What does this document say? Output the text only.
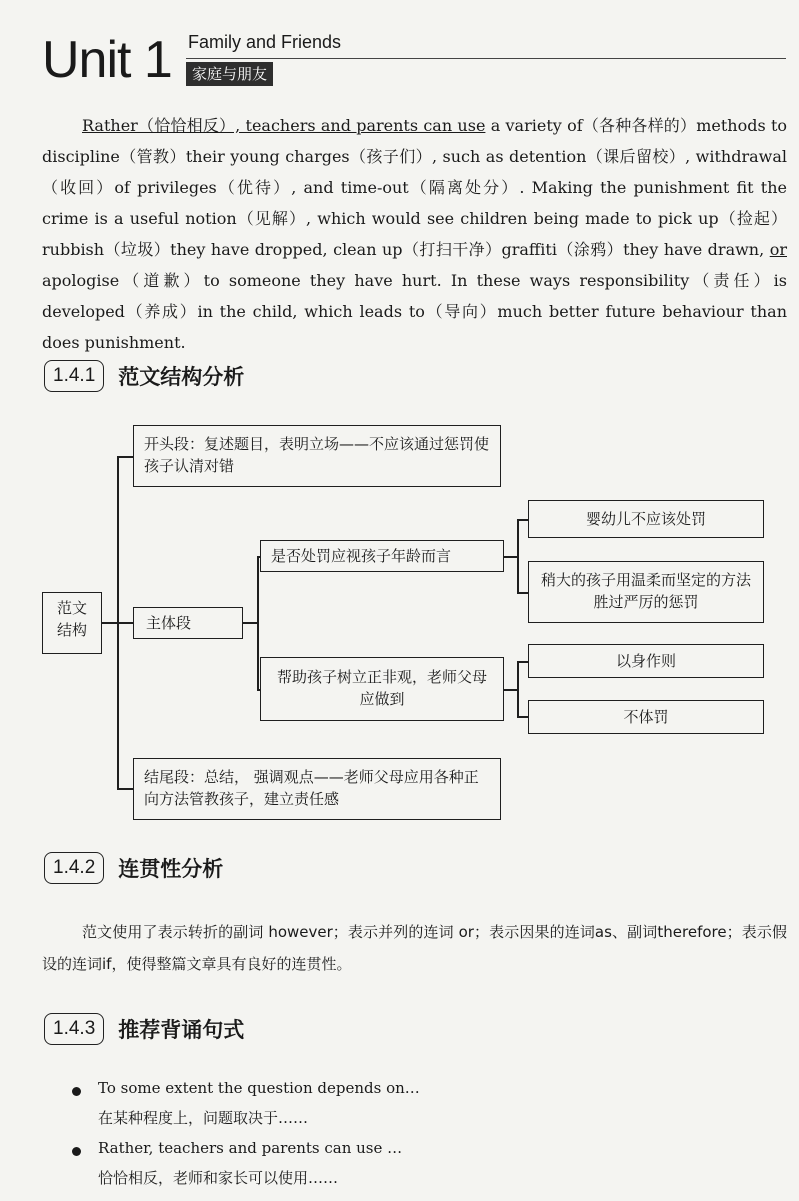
Unit 1 Family and Friends
家庭与朋友

Rather（恰恰相反）, teachers and parents can use a variety of（各种各样的）methods to discipline（管教）their young charges（孩子们）, such as detention（课后留校）, withdrawal（收回）of privileges（优待）, and time-out（隔离处分）. Making the punishment fit the crime is a useful notion（见解）, which would see children being made to pick up（捡起）rubbish（垃圾）they have dropped, clean up（打扫干净）graffiti（涂鸦）they have drawn, or apologise（道歉）to someone they have hurt. In these ways responsibility（责任）is developed（养成）in the child, which leads to（导向）much better future behaviour than does punishment.

1.4.1	范文结构分析
范文结构
开头段：复述题目，表明立场——不应该通过惩罚使孩子认清对错
主体段
结尾段：总结， 强调观点——老师父母应用各种正向方法管教孩子，建立责任感
是否处罚应视孩子年龄而言
帮助孩子树立正非观，老师父母应做到
婴幼儿不应该处罚
稍大的孩子用温柔而坚定的方法胜过严厉的惩罚
以身作则
不体罚
1.4.2	连贯性分析

范文使用了表示转折的副词 however；表示并列的连词 or；表示因果的连词as、副词therefore；表示假设的连词if，使得整篇文章具有良好的连贯性。

1.4.3	推荐背诵句式
To some extent the question depends on…
在某种程度上，问题取决于……
Rather, teachers and parents can use …
恰恰相反，老师和家长可以使用……
